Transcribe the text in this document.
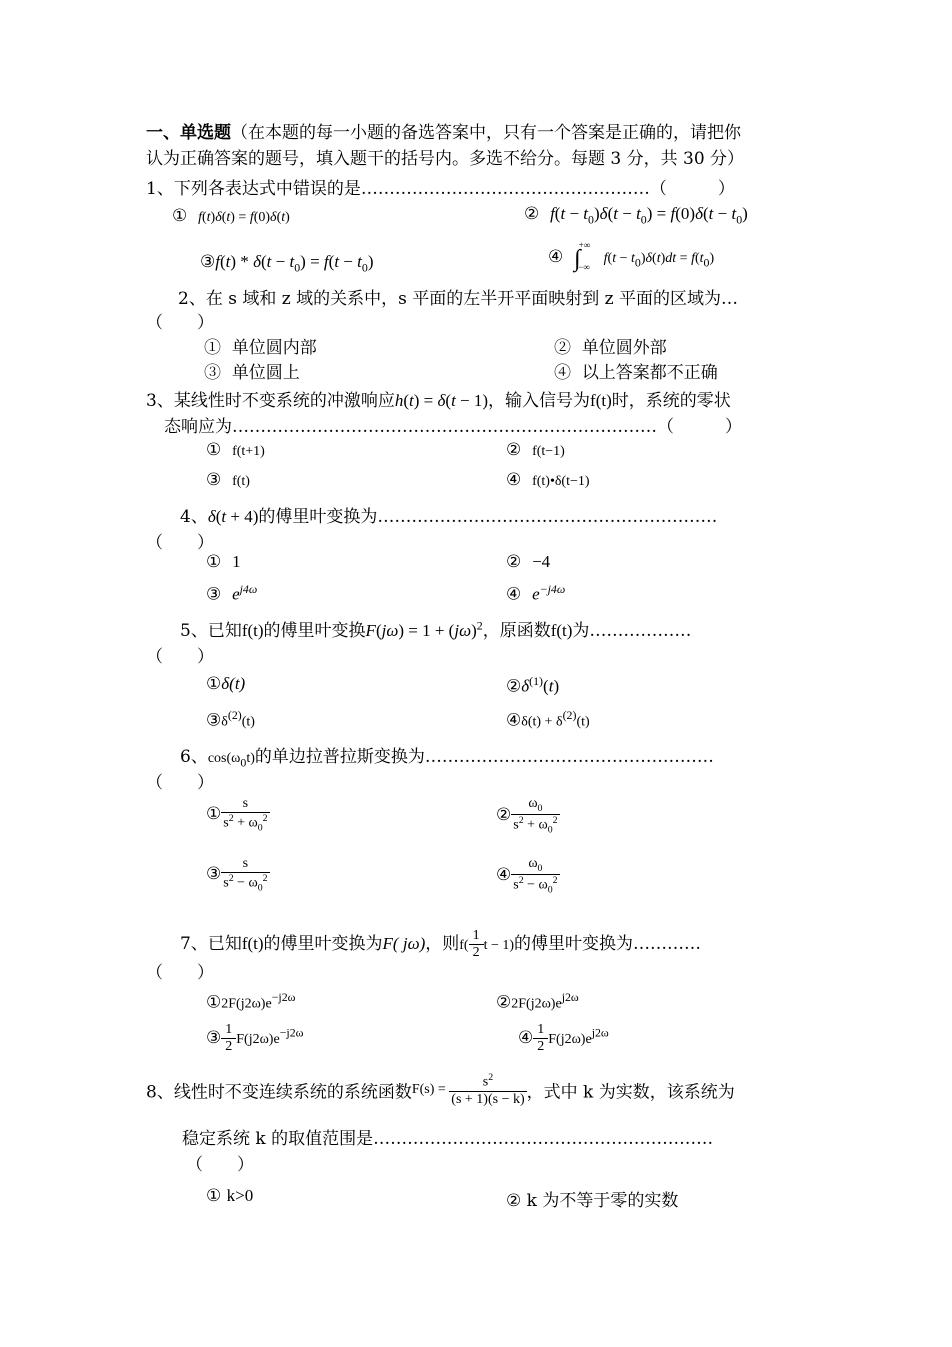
一、单选题（在本题的每一小题的备选答案中，只有一个答案是正确的，请把你
认为正确答案的题号，填入题干的括号内。多选不给分。每题 3 分，共 30 分）
1、下列各表达式中错误的是……………………………………………（　　　）
① f(t)δ(t) = f(0)δ(t)	② $f(t - t_0)\delta(t - t_0) = f(0)\delta(t - t_0)$
③f(t) * $\delta(t - t_0) = f(t - t_0)$	④ $\int^{+\infty}_{-\infty}f(t - t_0)\delta(t)dt = f(t_0)$
2、在 s 域和 z 域的关系中，s 平面的左半开平面映射到 z 平面的区域为…
（　　）
① 单位圆内部	② 单位圆外部
③ 单位圆上	④ 以上答案都不正确
3、某线性时不变系统的冲激响应h(t) = δ(t − 1)，输入信号为f(t)时，系统的零状
态响应为…………………………………………………………………（　　　）
① f(t+1)	② f(t−1)
③ f(t)	④ f(t)•δ(t−1)
4、δ(t + 4)的傅里叶变换为……………………………………………………
（　　）
① 1	② −4
③ $e^{j4\omega}$	④ $e^{-j4\omega}$
5、已知f(t)的傅里叶变换$F(j\omega) = 1 + (j\omega)^2$，原函数f(t)为………………
（　　）
①δ(t)	$②\delta^{(1)}(t)$
$③\delta^{(2)}(t)$	④δ(t) + $\delta^{(2)}(t)$
6、$\cos(\omega_0t)$的单边拉普拉斯变换为……………………………………………
（　　）
① $\frac{s}{s^2 + \omega_0^2}$	② $\frac{\omega_0}{s^2 + \omega_0^2}$
③ $\frac{s}{s^2 - \omega_0^2}$	④ $\frac{\omega_0}{s^2 - \omega_0^2}$
7、已知f(t)的傅里叶变换为F( jω)，则$f( \frac{1}{2}$ t − 1)的傅里叶变换为…………
（　　）
$①2F(j2\omega)e^{-j2\omega}$	$②2F(j2\omega)e^{j2\omega}$
③ $\frac{1}{2} F(j2\omega)e^{-j2\omega}$	④ $\frac{1}{2} F(j2\omega)e^{j2\omega}$
8、线性时不变连续系统的系统函数$F(s) = \frac{s^2}{(s + 1)(s - k)}$ ，式中 k 为实数，该系统为
稳定系统 k 的取值范围是……………………………………………………
（　　）
① k>0	② k 为不等于零的实数
